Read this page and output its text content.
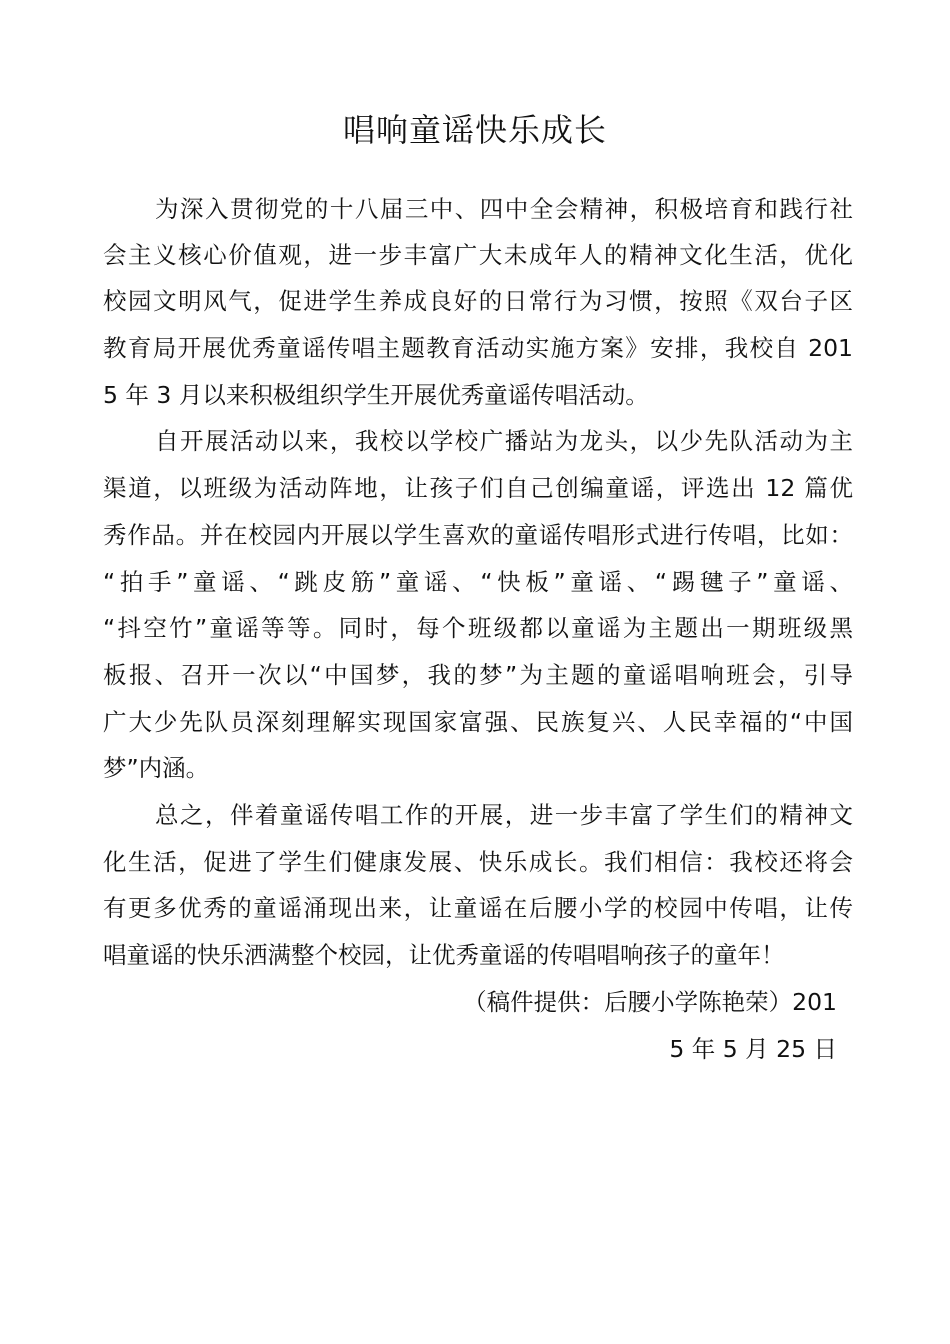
唱响童谣快乐成长
为深入贯彻党的十八届三中、四中全会精神，积极培育和践行社
会主义核心价值观，进一步丰富广大未成年人的精神文化生活，优化
校园文明风气，促进学生养成良好的日常行为习惯，按照《双台子区
教育局开展优秀童谣传唱主题教育活动实施方案》安排，我校自 201
5 年 3 月以来积极组织学生开展优秀童谣传唱活动。
自开展活动以来，我校以学校广播站为龙头，以少先队活动为主
渠道，以班级为活动阵地，让孩子们自己创编童谣，评选出 12 篇优
秀作品。并在校园内开展以学生喜欢的童谣传唱形式进行传唱，比如：
“拍手”童谣、“跳皮筋”童谣、“快板”童谣、“踢毽子”童谣、
“抖空竹”童谣等等。同时，每个班级都以童谣为主题出一期班级黑
板报、召开一次以“中国梦，我的梦”为主题的童谣唱响班会，引导
广大少先队员深刻理解实现国家富强、民族复兴、人民幸福的“中国
梦”内涵。
总之，伴着童谣传唱工作的开展，进一步丰富了学生们的精神文
化生活，促进了学生们健康发展、快乐成长。我们相信：我校还将会
有更多优秀的童谣涌现出来，让童谣在后腰小学的校园中传唱，让传
唱童谣的快乐洒满整个校园，让优秀童谣的传唱唱响孩子的童年！
（稿件提供：后腰小学陈艳荣）201
5 年 5 月 25 日
